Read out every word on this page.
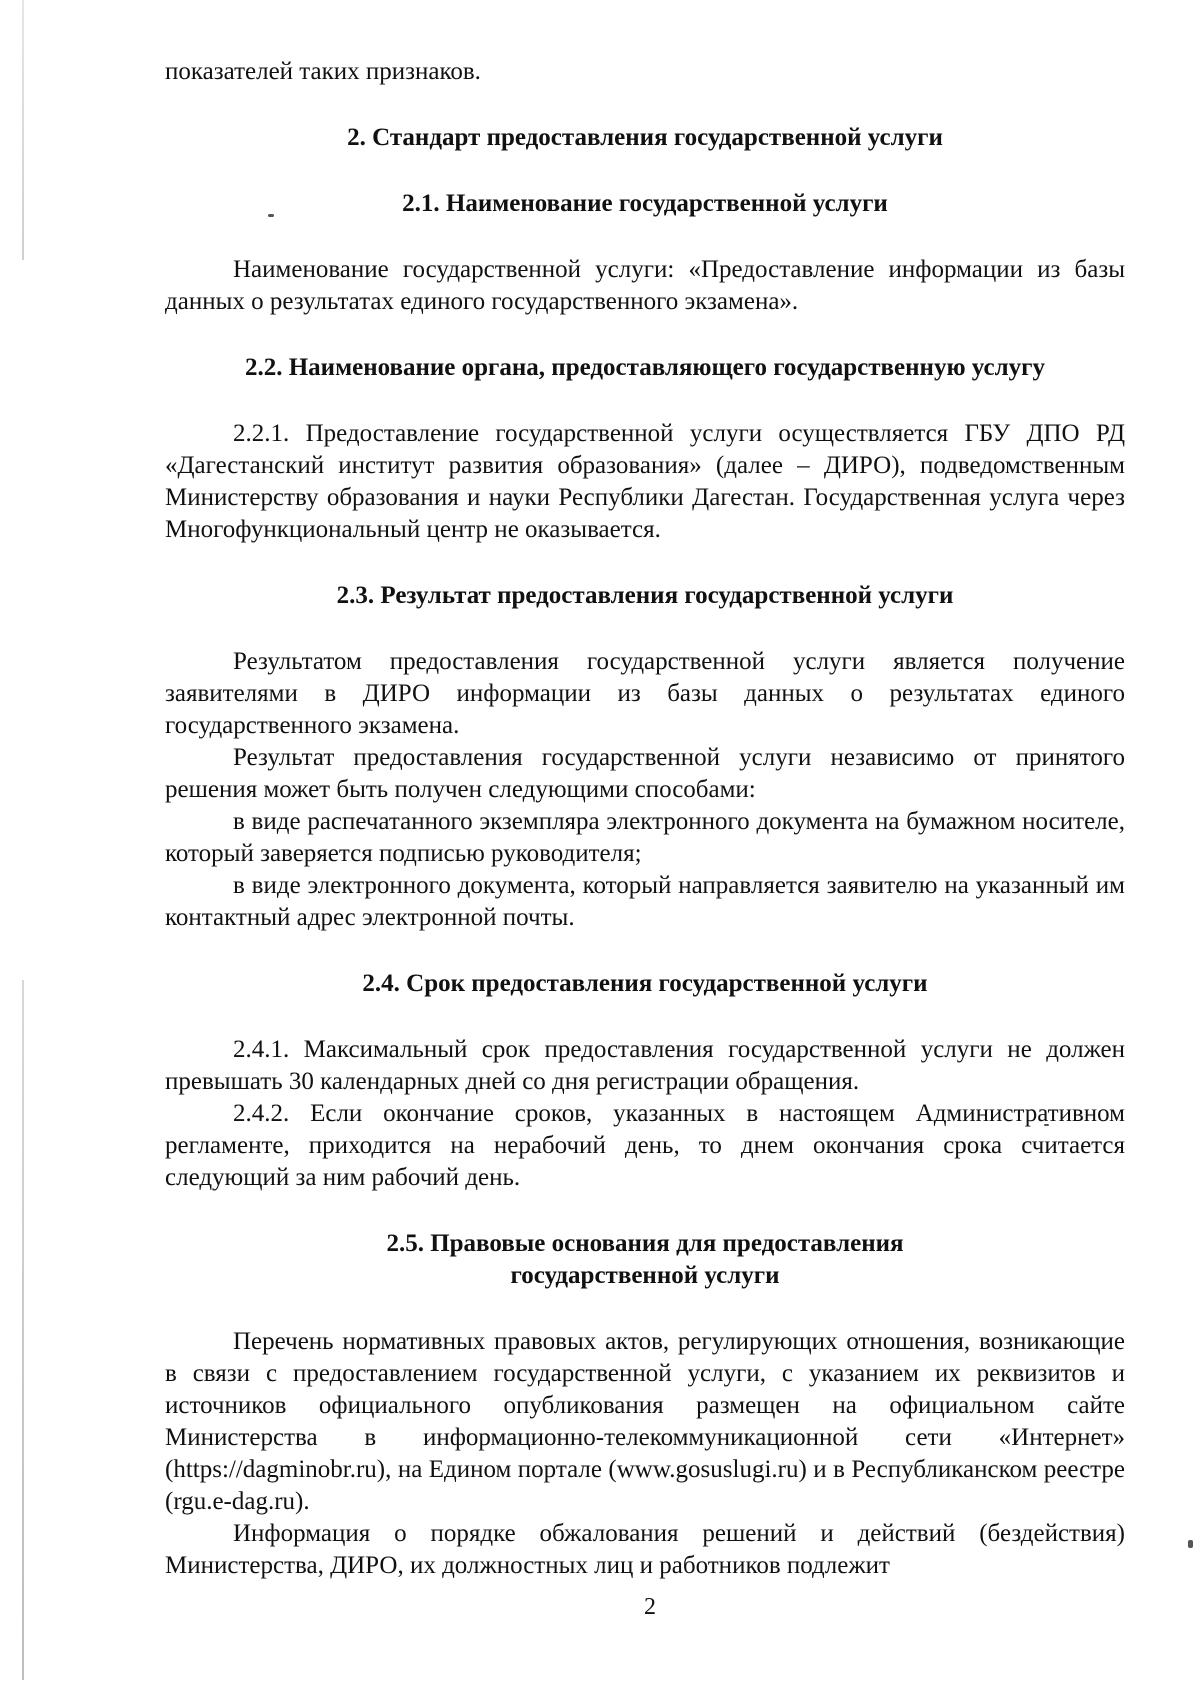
показателей таких признаков.

2. Стандарт предоставления государственной услуги
2.1. Наименование государственной услуги

Наименование государственной услуги: «Предоставление информации из базы данных о результатах единого государственного экзамена».

2.2. Наименование органа, предоставляющего государственную услугу

2.2.1. Предоставление государственной услуги осуществляется ГБУ ДПО РД «Дагестанский институт развития образования» (далее – ДИРО), подведомственным Министерству образования и науки Республики Дагестан. Государственная услуга через Многофункциональный центр не оказывается.

2.3. Результат предоставления государственной услуги

Результатом предоставления государственной услуги является получение заявителями в ДИРО информации из базы данных о результатах единого государственного экзамена.

Результат предоставления государственной услуги независимо от принятого решения может быть получен следующими способами:

в виде распечатанного экземпляра электронного документа на бумажном носителе, который заверяется подписью руководителя;

в виде электронного документа, который направляется заявителю на указанный им контактный адрес электронной почты.

2.4. Срок предоставления государственной услуги

2.4.1. Максимальный срок предоставления государственной услуги не должен превышать 30 календарных дней со дня регистрации обращения.

2.4.2. Если окончание сроков, указанных в настоящем Административном регламенте, приходится на нерабочий день, то днем окончания срока считается следующий за ним рабочий день.

2.5. Правовые основания для предоставления
государственной услуги

Перечень нормативных правовых актов, регулирующих отношения, возникающие в связи с предоставлением государственной услуги, с указанием их реквизитов и источников официального опубликования размещен на официальном сайте Министерства в информационно-телекоммуникационной сети «Интернет» (https://dagminobr.ru), на Едином портале (www.gosuslugi.ru) и в Республиканском реестре (rgu.e-dag.ru).

Информация о порядке обжалования решений и действий (бездействия) Министерства, ДИРО, их должностных лиц и работников подлежит

2
